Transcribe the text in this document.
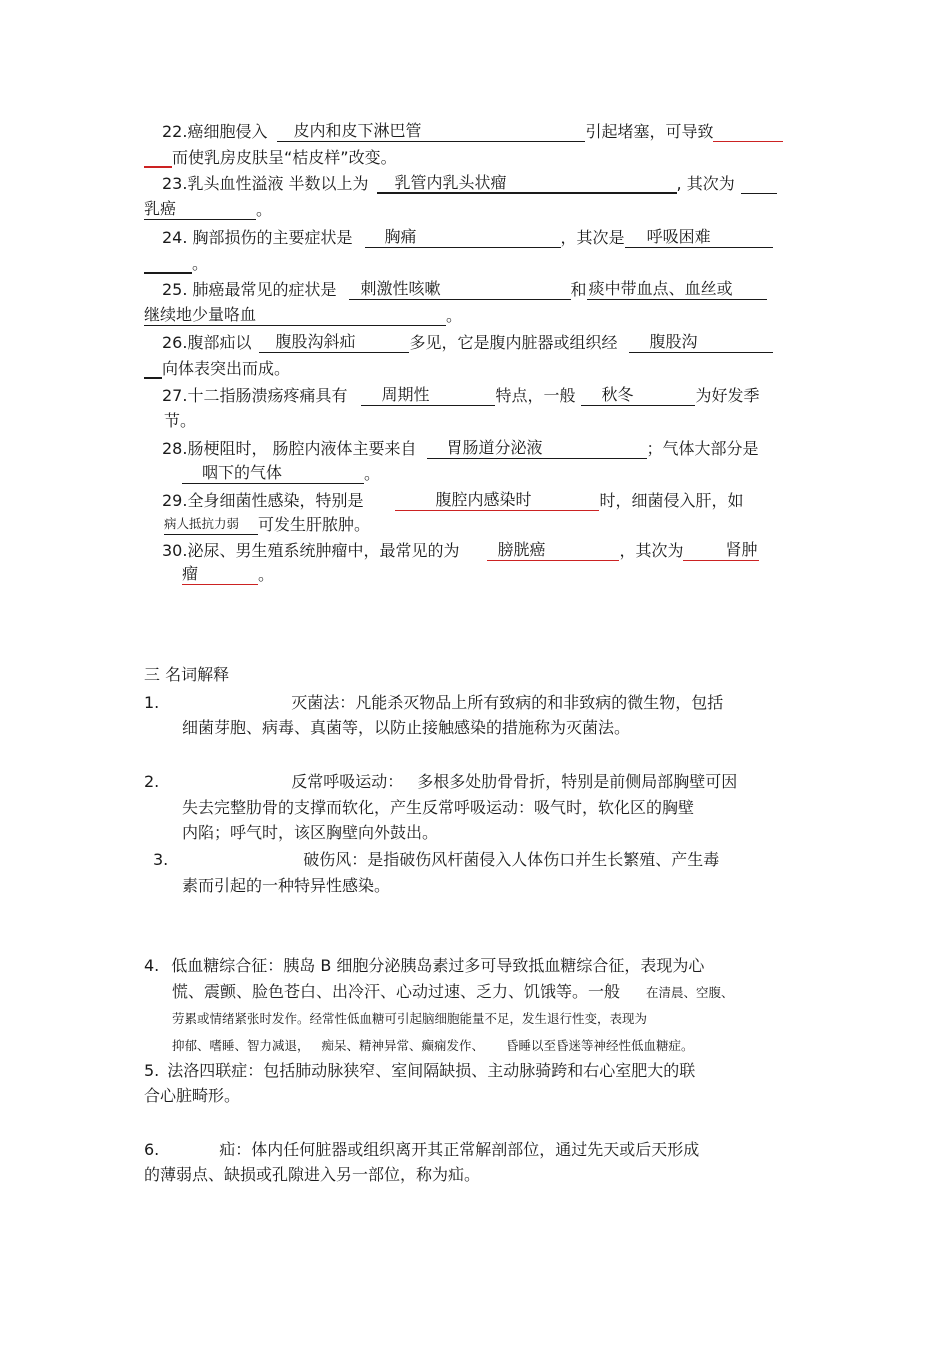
22.癌细胞侵入 皮内和皮下淋巴管	引起堵塞，可导致
而使乳房皮肤呈“桔皮样”改变。
23.乳头血性溢液 半数以上为 乳管内乳头状瘤	, 其次为
乳癌	。
24. 胸部损伤的主要症状是 胸痛	，其次是 呼吸困难
。
25. 肺癌最常见的症状是 刺激性咳嗽	和 痰中带血点、血丝或
继续地少量咯血	。
26.腹部疝以 腹股沟斜疝	多见，它是腹内脏器或组织经 腹股沟
向体表突出而成。
27.十二指肠溃疡疼痛具有 周期性	特点，一般 秋冬	为好发季
节。
28.肠梗阻时， 肠腔内液体主要来自 胃肠道分泌液	；气体大部分是
咽下的气体	。
29.全身细菌性感染，特别是	腹腔内感染时	时，细菌侵入肝，如
病人抵抗力弱 可发生肝脓肿。
30.泌尿、男生殖系统肿瘤中，最常见的为 膀胱癌	，其次为	肾肿
瘤	。
三 名词解释
1.	灭菌法：凡能杀灭物品上所有致病的和非致病的微生物，包括
细菌芽胞、病毒、真菌等，以防止接触感染的措施称为灭菌法。
2.	反常呼吸运动： 多根多处肋骨骨折，特别是前侧局部胸壁可因
失去完整肋骨的支撑而软化，产生反常呼吸运动：吸气时，软化区的胸壁
内陷；呼气时，该区胸壁向外鼓出。
3.	破伤风：是指破伤风杆菌侵入人体伤口并生长繁殖、产生毒
素而引起的一种特异性感染。
4. 低血糖综合征：胰岛 B 细胞分泌胰岛素过多可导致抵血糖综合征，表现为心
慌、震颤、脸色苍白、出冷汗、心动过速、乏力、饥饿等。一般 在清晨、空腹、
劳累或情绪紧张时发作。经常性低血糖可引起脑细胞能量不足，发生退行性变，表现为
抑郁、嗜睡、智力减退， 痴呆、精神异常、癫痫发作、 昏睡以至昏迷等神经性低血糖症。
5. 法洛四联症：包括肺动脉狭窄、室间隔缺损、主动脉骑跨和右心室肥大的联
合心脏畸形。
6.	疝：体内任何脏器或组织离开其正常解剖部位，通过先天或后天形成
的薄弱点、缺损或孔隙进入另一部位，称为疝。
